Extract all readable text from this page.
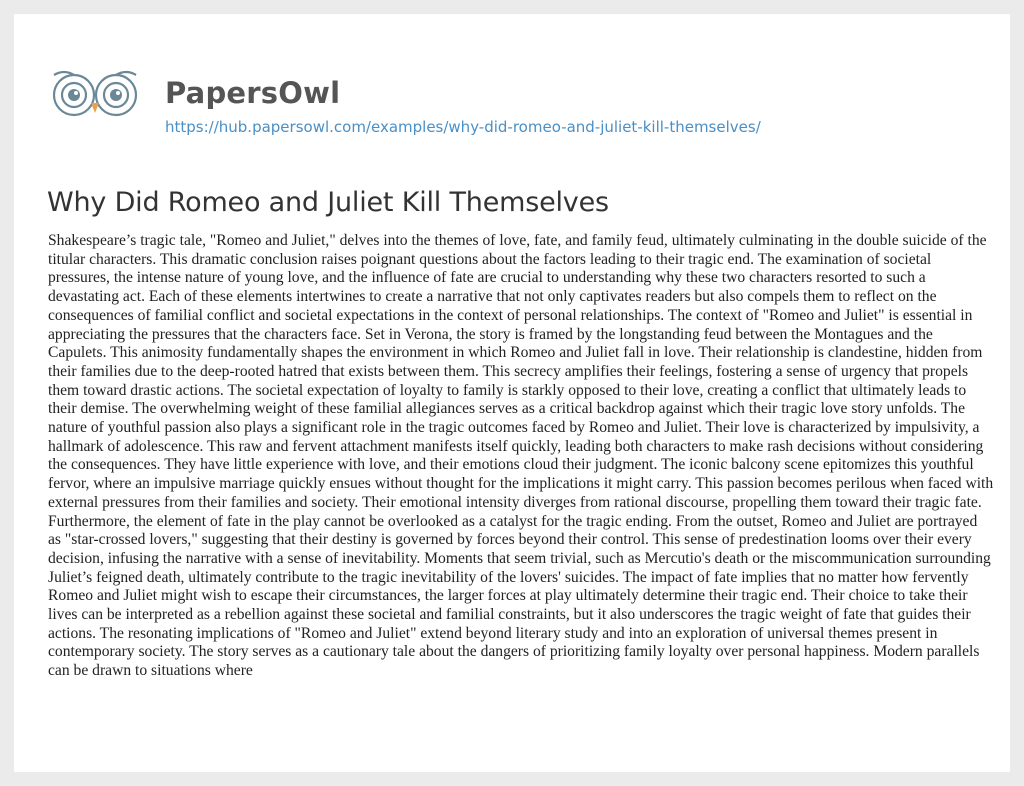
PapersOwl
https://hub.papersowl.com/examples/why-did-romeo-and-juliet-kill-themselves/
Why Did Romeo and Juliet Kill Themselves

Shakespeare’s tragic tale, "Romeo and Juliet," delves into the themes of love, fate, and family feud, ultimately culminating in the double suicide of the titular characters. This dramatic conclusion raises poignant questions about the factors leading to their tragic end. The examination of societal pressures, the intense nature of young love, and the influence of fate are crucial to understanding why these two characters resorted to such a devastating act. Each of these elements intertwines to create a narrative that not only captivates readers but also compels them to reflect on the consequences of familial conflict and societal expectations in the context of personal relationships. The context of "Romeo and Juliet" is essential in appreciating the pressures that the characters face. Set in Verona, the story is framed by the longstanding feud between the Montagues and the Capulets. This animosity fundamentally shapes the environment in which Romeo and Juliet fall in love. Their relationship is clandestine, hidden from their families due to the deep-rooted hatred that exists between them. This secrecy amplifies their feelings, fostering a sense of urgency that propels them toward drastic actions. The societal expectation of loyalty to family is starkly opposed to their love, creating a conflict that ultimately leads to their demise. The overwhelming weight of these familial allegiances serves as a critical backdrop against which their tragic love story unfolds. The nature of youthful passion also plays a significant role in the tragic outcomes faced by Romeo and Juliet. Their love is characterized by impulsivity, a hallmark of adolescence. This raw and fervent attachment manifests itself quickly, leading both characters to make rash decisions without considering the consequences. They have little experience with love, and their emotions cloud their judgment. The iconic balcony scene epitomizes this youthful fervor, where an impulsive marriage quickly ensues without thought for the implications it might carry. This passion becomes perilous when faced with external pressures from their families and society. Their emotional intensity diverges from rational discourse, propelling them toward their tragic fate. Furthermore, the element of fate in the play cannot be overlooked as a catalyst for the tragic ending. From the outset, Romeo and Juliet are portrayed as "star-crossed lovers," suggesting that their destiny is governed by forces beyond their control. This sense of predestination looms over their every decision, infusing the narrative with a sense of inevitability. Moments that seem trivial, such as Mercutio's death or the miscommunication surrounding Juliet’s feigned death, ultimately contribute to the tragic inevitability of the lovers' suicides. The impact of fate implies that no matter how fervently Romeo and Juliet might wish to escape their circumstances, the larger forces at play ultimately determine their tragic end. Their choice to take their lives can be interpreted as a rebellion against these societal and familial constraints, but it also underscores the tragic weight of fate that guides their actions. The resonating implications of "Romeo and Juliet" extend beyond literary study and into an exploration of universal themes present in contemporary society. The story serves as a cautionary tale about the dangers of prioritizing family loyalty over personal happiness. Modern parallels can be drawn to situations where
